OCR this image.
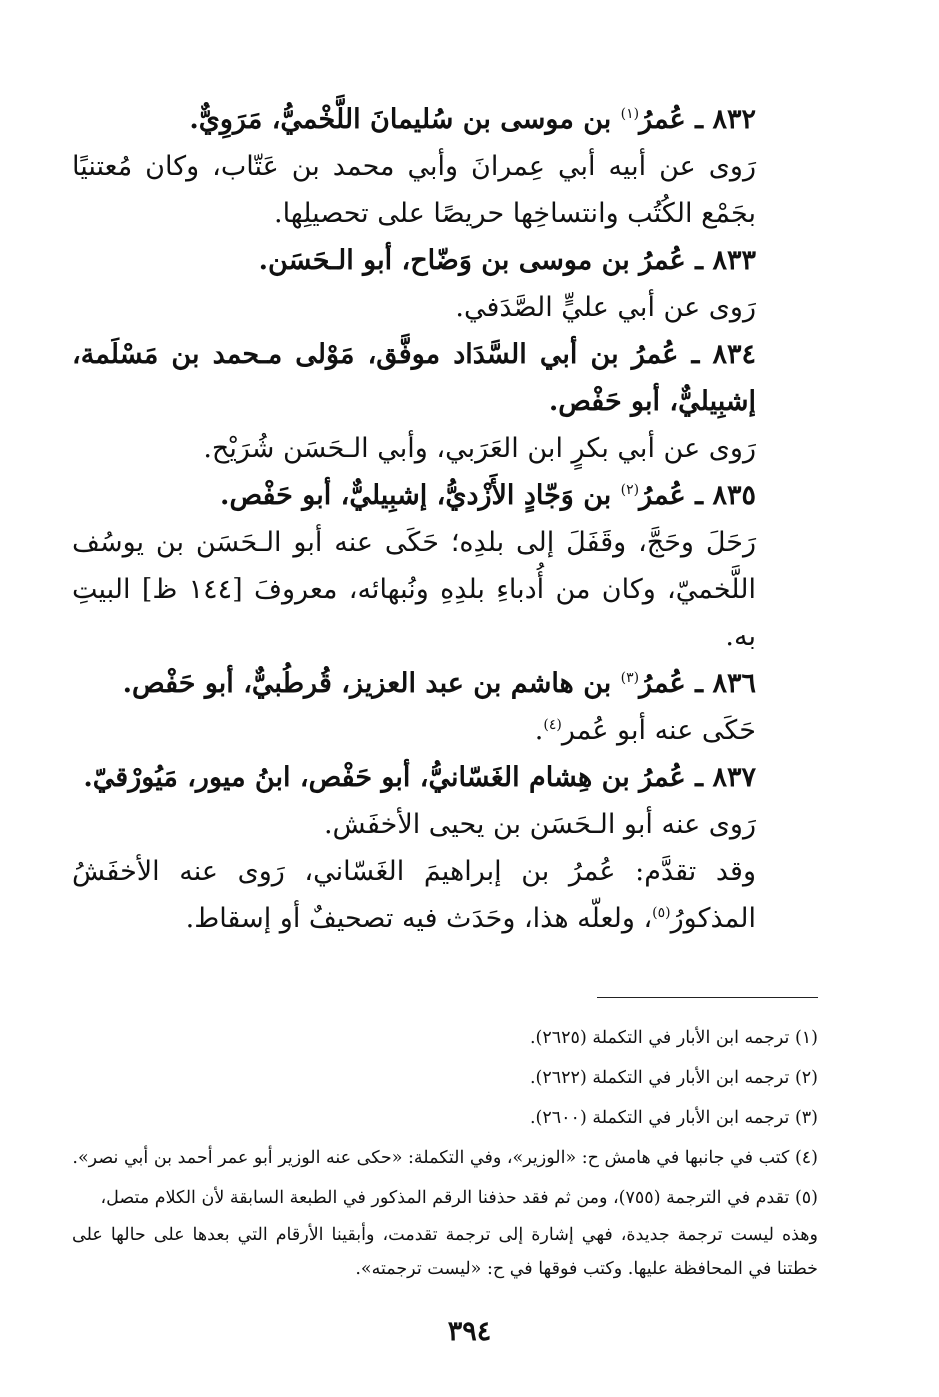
٨٣٢ ـ عُمرُ$^{(١)}$ بن موسى بن سُليمانَ اللَّخْميُّ، مَرَوِيٌّ.

رَوى عن أبيه أبي عِمرانَ وأبي محمد بن عَتّاب، وكان مُعتنيًا بجَمْع الكُتُب وانتساخِها حريصًا على تحصيلِها.

٨٣٣ ـ عُمرُ بن موسى بن وَضّاح، أبو الـحَسَن.

رَوى عن أبي عليٍّ الصَّدَفي.

٨٣٤ ـ عُمرُ بن أبي السَّدَاد موفَّق، مَوْلى مـحمد بن مَسْلَمة، إشبِيليٌّ، أبو حَفْص.

رَوى عن أبي بكرٍ ابن العَرَبي، وأبي الـحَسَن شُرَيْح.

٨٣٥ ـ عُمرُ$^{(٢)}$ بن وَجّادٍ الأَزْديُّ، إشبِيليٌّ، أبو حَفْص.

رَحَلَ وحَجَّ، وقَفَلَ إلى بلدِه؛ حَكَى عنه أبو الـحَسَن بن يوسُف اللَّخميّ، وكان من أُدباءِ بلدِهِ ونُبهائه، معروفَ [١٤٤ ظ] البيتِ به.

٨٣٦ ـ عُمرُ$^{(٣)}$ بن هاشم بن عبد العزيز، قُرطُبيٌّ، أبو حَفْص.

حَكَى عنه أبو عُمر$^{(٤)}$.

٨٣٧ ـ عُمرُ بن هِشام الغَسّانيُّ، أبو حَفْص، ابنُ ميور، مَيُورْقيّ.

رَوى عنه أبو الـحَسَن بن يحيى الأخفَش.

وقد تقدَّم: عُمرُ بن إبراهيمَ الغَسّاني، رَوى عنه الأخفَشُ المذكورُ$^{(٥)}$، ولعلّه هذا، وحَدَث فيه تصحيفٌ أو إسقاط.

(١) ترجمه ابن الأبار في التكملة (٢٦٢٥).

(٢) ترجمه ابن الأبار في التكملة (٢٦٢٢).

(٣) ترجمه ابن الأبار في التكملة (٢٦٠٠).

(٤) كتب في جانبها في هامش ح: «الوزير»، وفي التكملة: «حكى عنه الوزير أبو عمر أحمد بن أبي نصر».

(٥) تقدم في الترجمة (٧٥٥)، ومن ثم فقد حذفنا الرقم المذكور في الطبعة السابقة لأن الكلام متصل،
وهذه ليست ترجمة جديدة، فهي إشارة إلى ترجمة تقدمت، وأبقينا الأرقام التي بعدها على حالها على خطتنا في المحافظة عليها. وكتب فوقها في ح: «ليست ترجمته».

٣٩٤
